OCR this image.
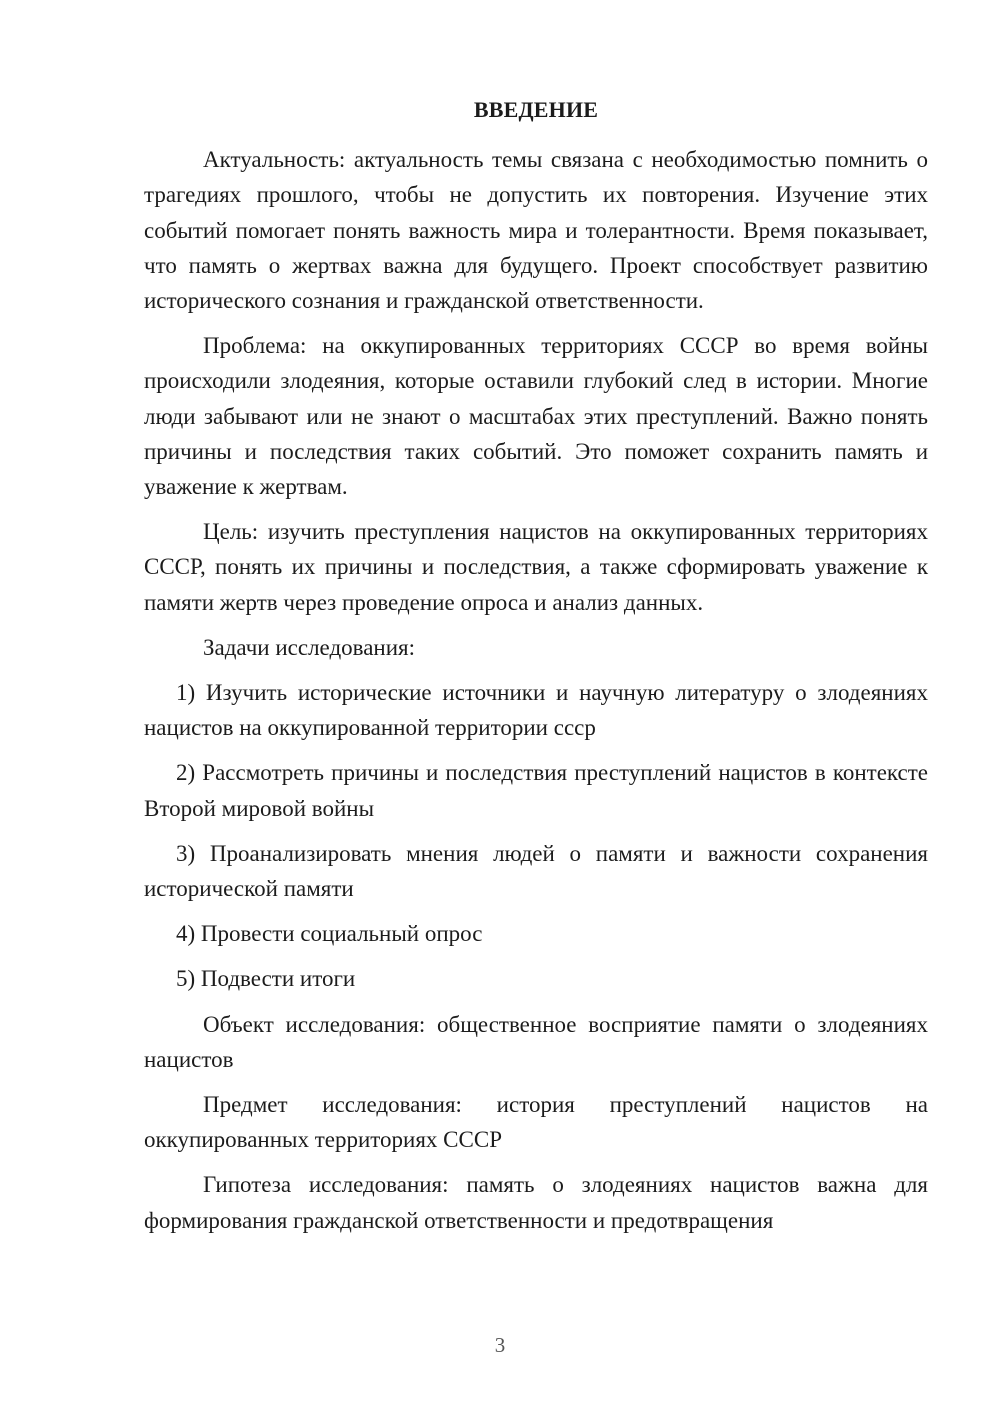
ВВЕДЕНИЕ

Актуальность: актуальность темы связана с необходимостью помнить о трагедиях прошлого, чтобы не допустить их повторения. Изучение этих событий помогает понять важность мира и толерантности. Время показывает, что память о жертвах важна для будущего. Проект способствует развитию исторического сознания и гражданской ответственности.

Проблема: на оккупированных территориях СССР во время войны происходили злодеяния, которые оставили глубокий след в истории. Многие люди забывают или не знают о масштабах этих преступлений. Важно понять причины и последствия таких событий. Это поможет сохранить память и уважение к жертвам.

Цель: изучить преступления нацистов на оккупированных территориях СССР, понять их причины и последствия, а также сформировать уважение к памяти жертв через проведение опроса и анализ данных.

Задачи исследования:

1) Изучить исторические источники и научную литературу о злодеяниях нацистов на оккупированной территории ссср

2) Рассмотреть причины и последствия преступлений нацистов в контексте Второй мировой войны

3) Проанализировать мнения людей о памяти и важности сохранения исторической памяти

4) Провести социальный опрос

5) Подвести итоги

Объект исследования: общественное восприятие памяти о злодеяниях нацистов

Предмет исследования: история преступлений нацистов на оккупированных территориях СССР

Гипотеза исследования: память о злодеяниях нацистов важна для формирования гражданской ответственности и предотвращения

3
